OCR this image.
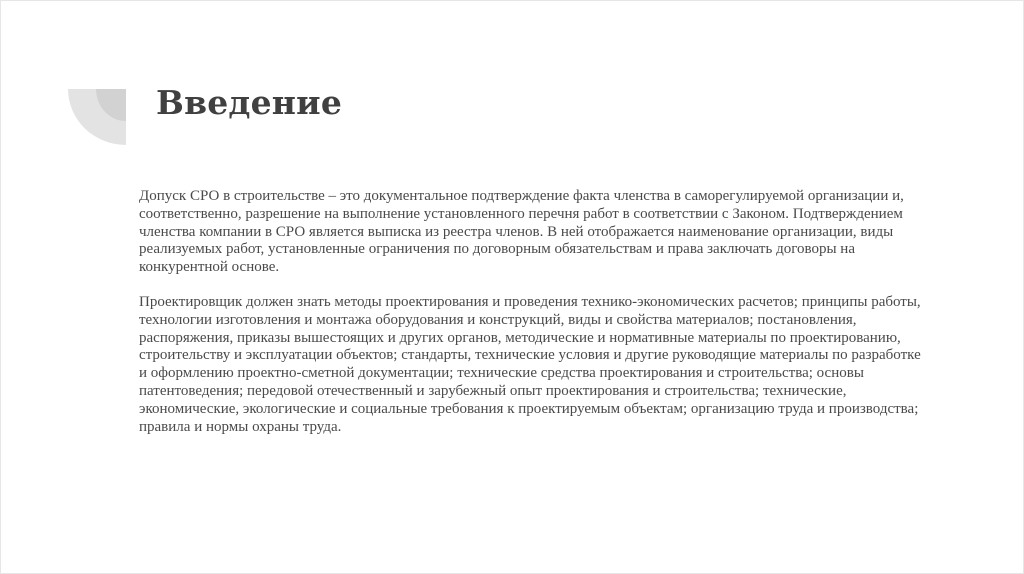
Введение

Допуск СРО в строительстве – это документальное подтверждение факта членства в саморегулируемой организации и, соответственно, разрешение на выполнение установленного перечня работ в соответствии с Законом. Подтверждением членства компании в СРО является выписка из реестра членов. В ней отображается наименование организации, виды реализуемых работ, установленные ограничения по договорным обязательствам и права заключать договоры на конкурентной основе.

Проектировщик должен знать методы проектирования и проведения технико-экономических расчетов; принципы работы, технологии изготовления и монтажа оборудования и конструкций, виды и свойства материалов; постановления, распоряжения, приказы вышестоящих и других органов, методические и нормативные материалы по проектированию, строительству и эксплуатации объектов; стандарты, технические условия и другие руководящие материалы по разработке и оформлению проектно-сметной документации; технические средства проектирования и строительства; основы патентоведения; передовой отечественный и зарубежный опыт проектирования и строительства; технические, экономические, экологические и социальные требования к проектируемым объектам; организацию труда и производства; правила и нормы охраны труда.
